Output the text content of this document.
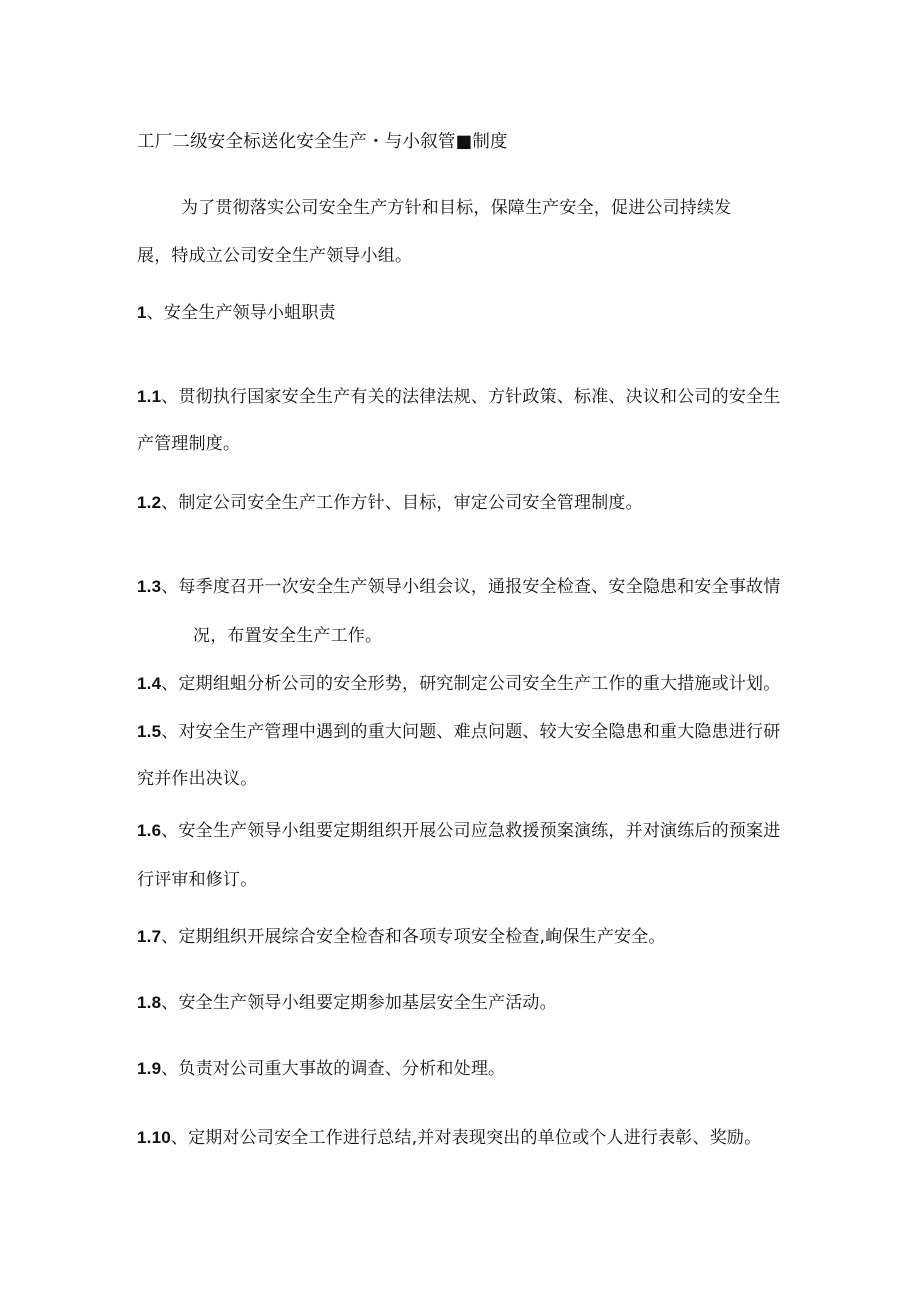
工厂二级安全标送化安全生产・与小叙管■制度
为了贯彻落实公司安全生产方针和目标，保障生产安全，促进公司持续发
展，特成立公司安全生产领导小组。
1、安全生产领导小蛆职责
1.1、贯彻执行国家安全生产有关的法律法规、方针政策、标准、决议和公司的安全生
产管理制度。
1.2、制定公司安全生产工作方针、目标，审定公司安全管理制度。
1.3、每季度召开一次安全生产领导小组会议，通报安全检查、安全隐患和安全事故情
况，布置安全生产工作。
1.4、定期组蛆分析公司的安全形势，研究制定公司安全生产工作的重大措施或计划。
1.5、对安全生产管理中遇到的重大问题、难点问题、较大安全隐患和重大隐患进行研
究并作出决议。
1.6、安全生产领导小组要定期组织开展公司应急救援预案演练，并对演练后的预案进
行评审和修订。
1.7、定期组织开展综合安全检杳和各项专项安全检查,峋保生产安全。
1.8、安全生产领导小组要定期参加基层安全生产活动。
1.9、负责对公司重大事故的调查、分析和处理。
1.10、定期对公司安全工作进行总结,并对表现突出的单位或个人进行表彰、奖励。
